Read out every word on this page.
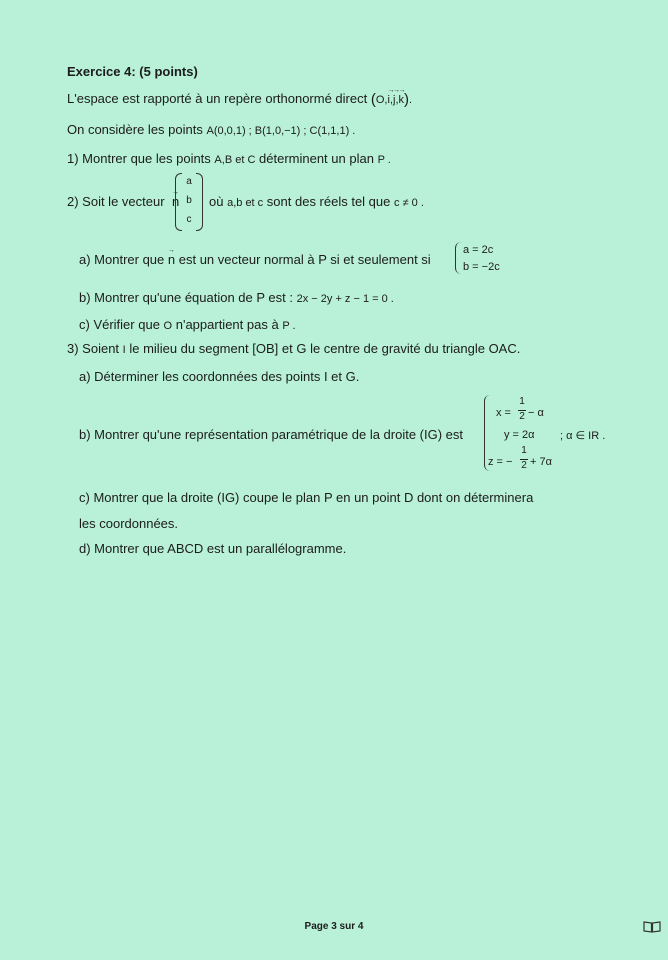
Exercice 4: (5 points)
L'espace est rapporté à un repère orthonormé direct (O,→ i,→ j,→ k).
On considère les points A(0,0,1) ; B(1,0,−1) ; C(1,1,1) .
1) Montrer que les points A,B et C déterminent un plan P .
2) Soit le vecteur → n
a
b
c
où a,b et c sont des réels tel que c ≠ 0 .
a) Montrer que → n est un vecteur normal à P si et seulement si
a = 2c
b = −2c
b) Montrer qu'une équation de P est : 2x − 2y + z − 1 = 0 .
c) Vérifier que O n'appartient pas à P .
3) Soient I le milieu du segment [OB] et G le centre de gravité du triangle OAC.
a) Déterminer les coordonnées des points I et G.
b) Montrer qu'une représentation paramétrique de la droite (IG) est
x =
1
2 − α
y = 2α
z = −
1
2 + 7α
; α ∈ IR .
c) Montrer que la droite (IG) coupe le plan P en un point D dont on déterminera
les coordonnées.
d) Montrer que ABCD est un parallélogramme.
Page 3 sur 4
